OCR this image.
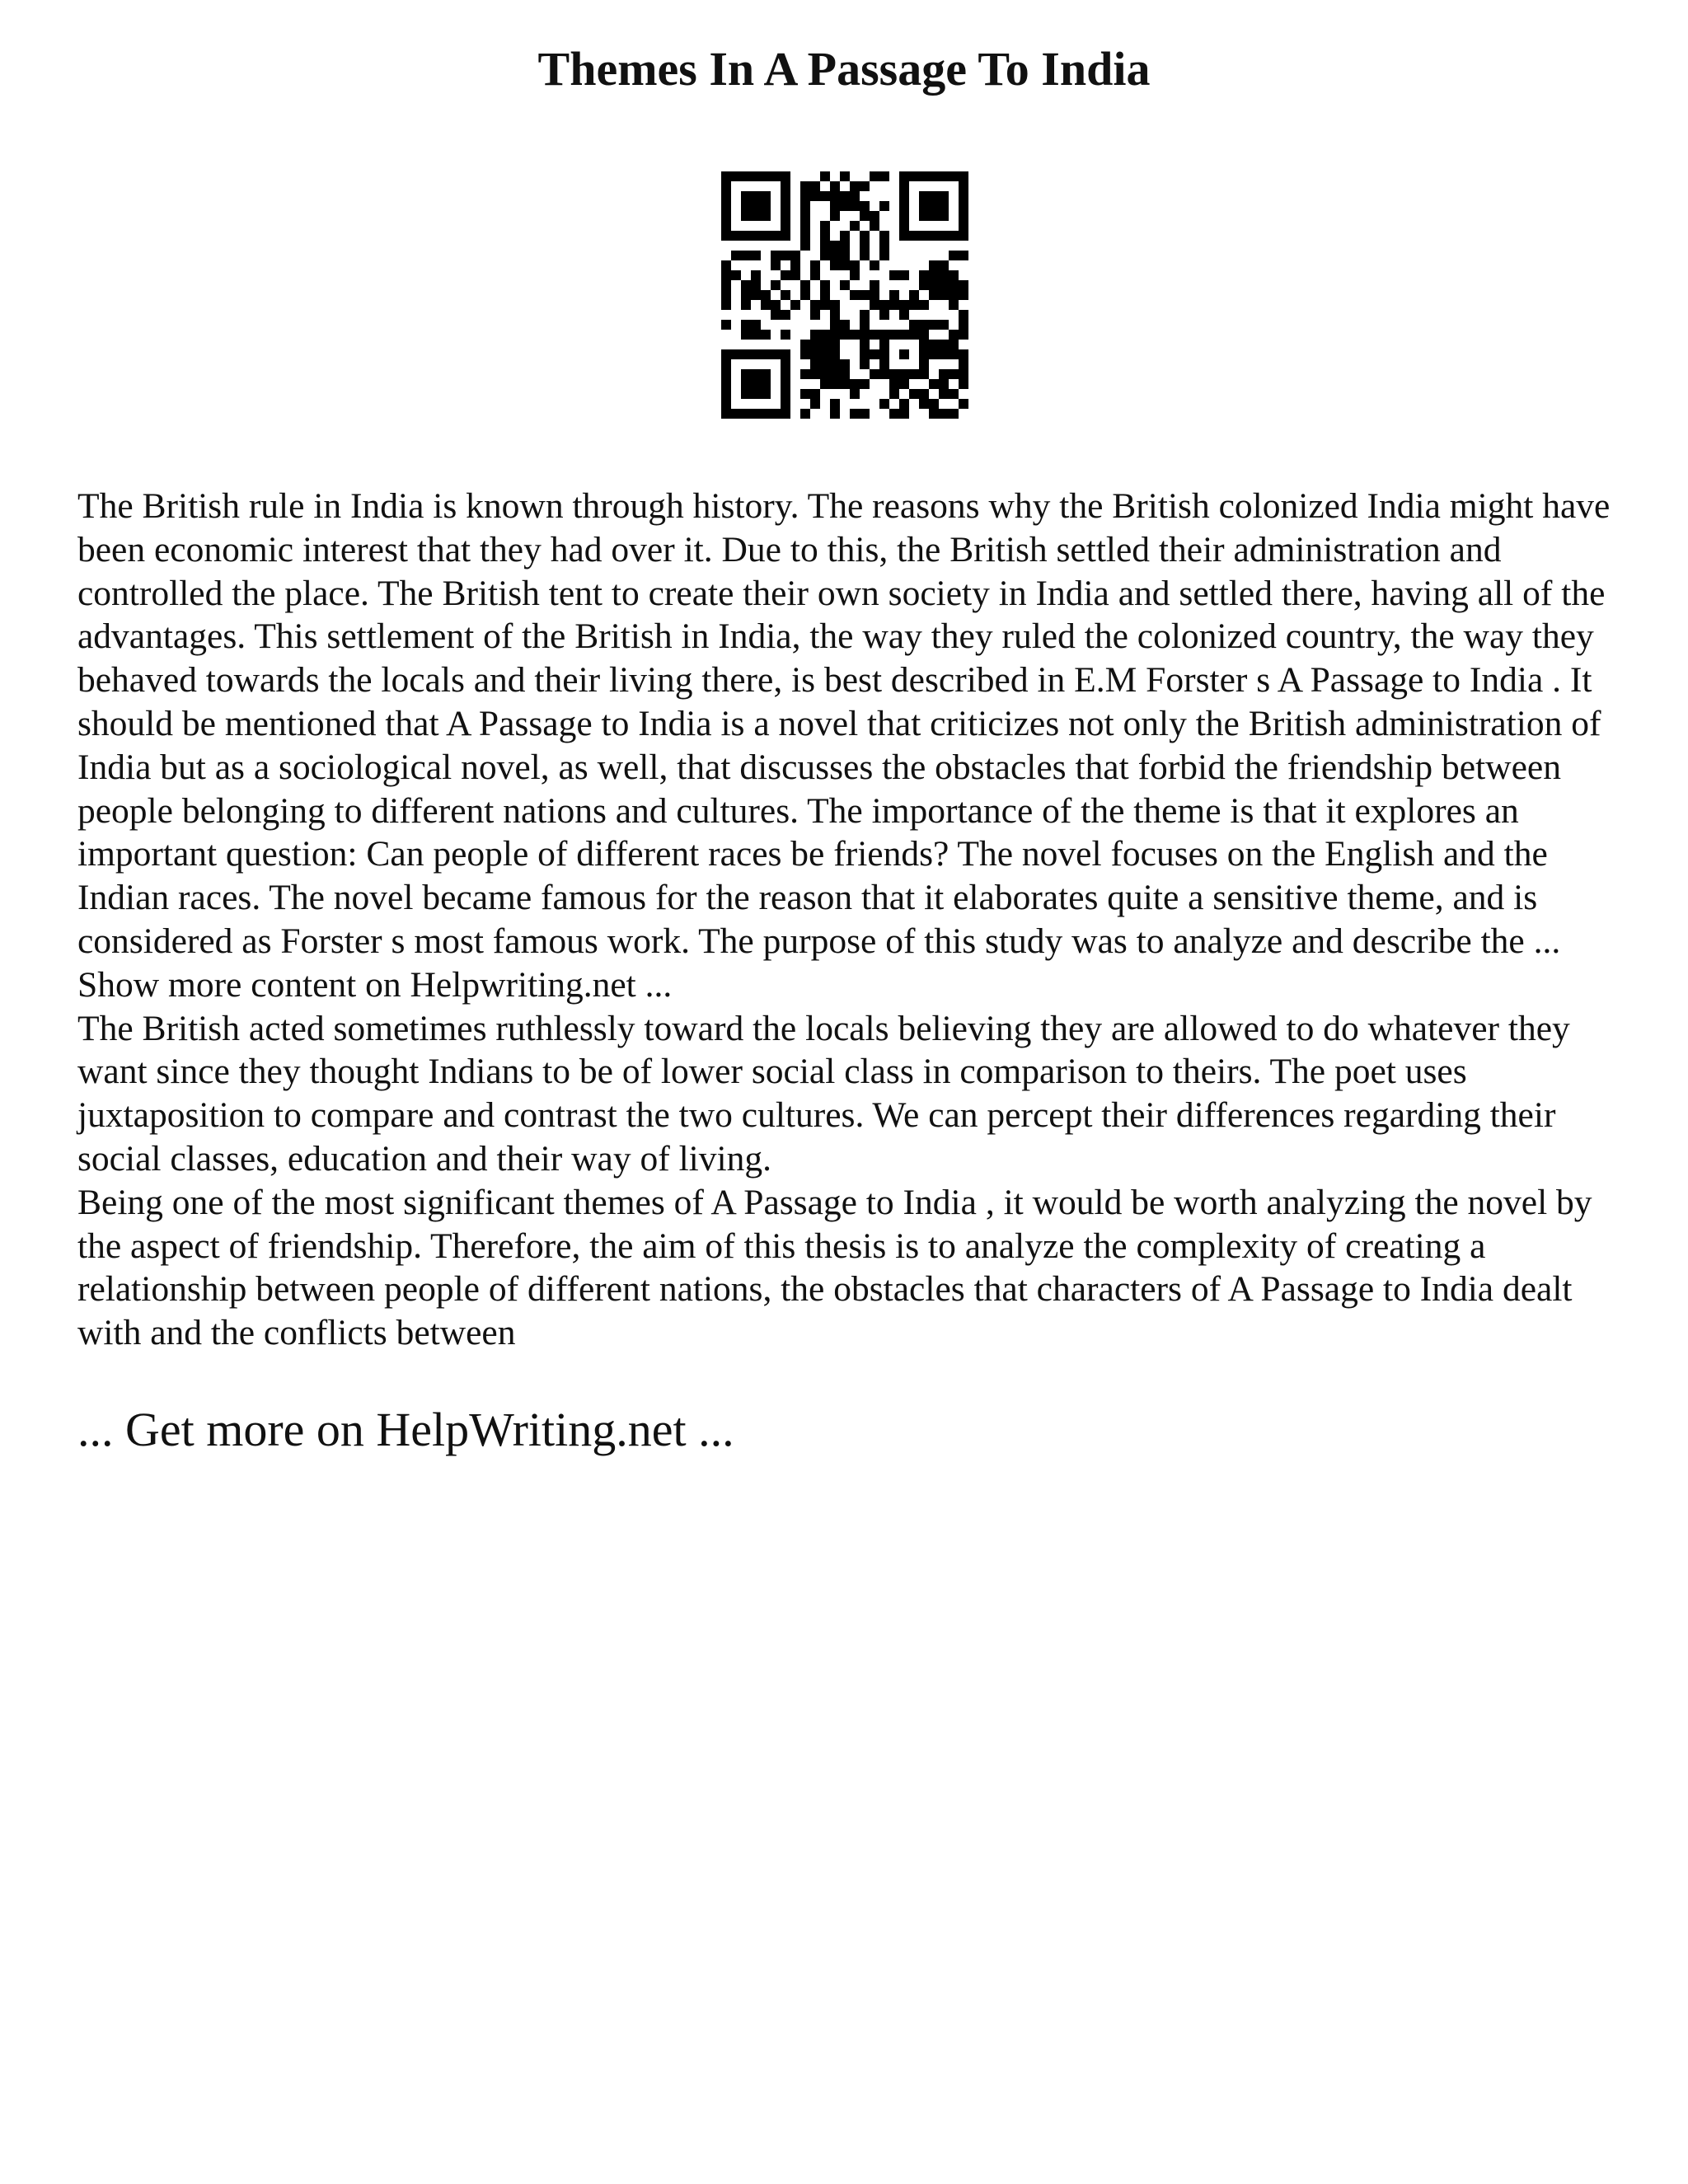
Themes In A Passage To India

The British rule in India is known through history. The reasons why the British colonized India might have been economic interest that they had over it. Due to this, the British settled their administration and controlled the place. The British tent to create their own society in India and settled there, having all of the advantages. This settlement of the British in India, the way they ruled the colonized country, the way they behaved towards the locals and their living there, is best described in E.M Forster s A Passage to India . It should be mentioned that A Passage to India is a novel that criticizes not only the British administration of India but as a sociological novel, as well, that discusses the obstacles that forbid the friendship between people belonging to different nations and cultures. The importance of the theme is that it explores an important question: Can people of different races be friends? The novel focuses on the English and the Indian races. The novel became famous for the reason that it elaborates quite a sensitive theme, and is considered as Forster s most famous work. The purpose of this study was to analyze and describe the ... Show more content on Helpwriting.net ...

The British acted sometimes ruthlessly toward the locals believing they are allowed to do whatever they want since they thought Indians to be of lower social class in comparison to theirs. The poet uses juxtaposition to compare and contrast the two cultures. We can percept their differences regarding their social classes, education and their way of living.

Being one of the most significant themes of A Passage to India , it would be worth analyzing the novel by the aspect of friendship. Therefore, the aim of this thesis is to analyze the complexity of creating a relationship between people of different nations, the obstacles that characters of A Passage to India dealt with and the conflicts between

... Get more on HelpWriting.net ...
